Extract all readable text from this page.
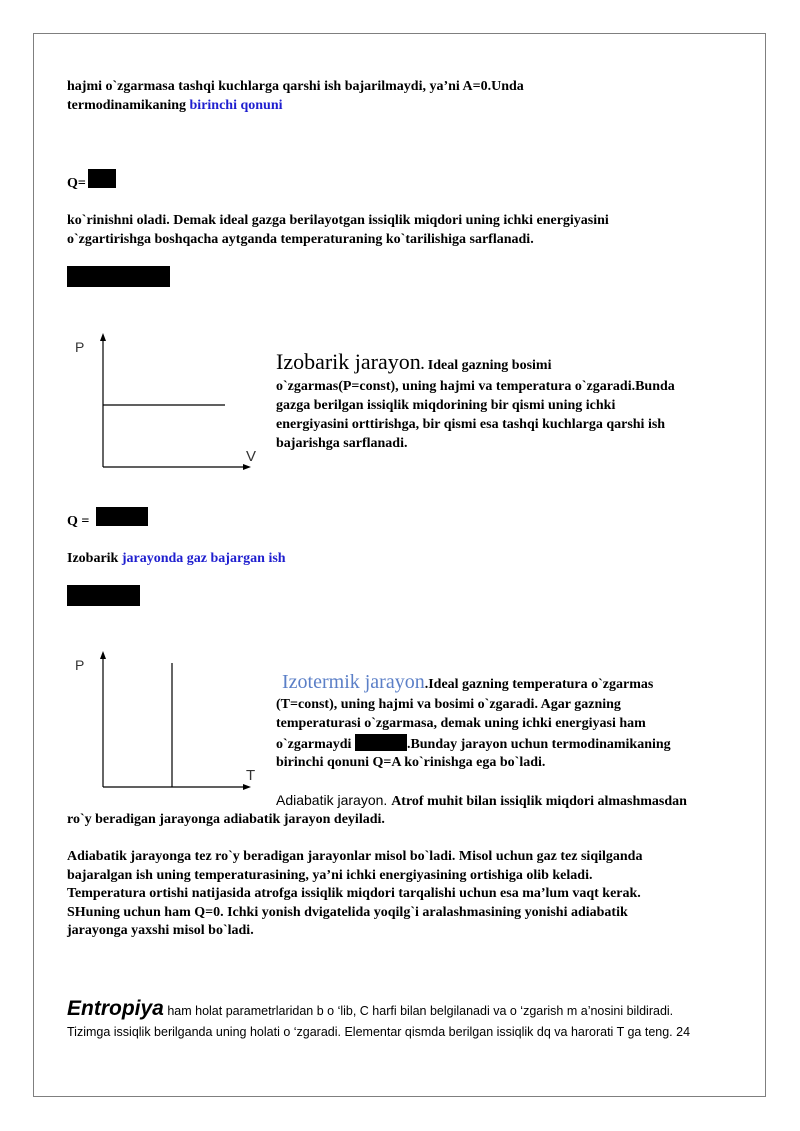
hajmi o`zgarmasa tashqi kuchlarga qarshi ish bajarilmaydi, ya’ni A=0.Unda
termodinamikaning birinchi qonuni
Q=
ko`rinishni oladi. Demak ideal gazga berilayotgan issiqlik miqdori uning ichki energiyasini
o`zgartirishga boshqacha aytganda temperaturaning ko`tarilishiga sarflanadi.
P
V
Izobarik jarayon. Ideal gazning bosimi
o`zgarmas(P=const), uning hajmi va temperatura o`zgaradi.Bunda
gazga berilgan issiqlik miqdorining bir qismi uning ichki
energiyasini orttirishga, bir qismi esa tashqi kuchlarga qarshi ish
bajarishga sarflanadi.
Q =
Izobarik jarayonda gaz bajargan ish
P
T
Izotermik jarayon.Ideal gazning temperatura o`zgarmas
(T=const), uning hajmi va bosimi o`zgaradi. Agar gazning
temperaturasi o`zgarmasa, demak uning ichki energiyasi ham
o`zgarmaydi	.Bunday jarayon uchun termodinamikaning
birinchi qonuni Q=A ko`rinishga ega bo`ladi.
Adiabatik jarayon. Atrof muhit bilan issiqlik miqdori almashmasdan
ro`y beradigan jarayonga adiabatik jarayon deyiladi.
Adiabatik jarayonga tez ro`y beradigan jarayonlar misol bo`ladi. Misol uchun gaz tez siqilganda
bajaralgan ish uning temperaturasining, ya’ni ichki energiyasining ortishiga olib keladi.
Temperatura ortishi natijasida atrofga issiqlik miqdori tarqalishi uchun esa ma’lum vaqt kerak.
SHuning uchun ham Q=0. Ichki yonish dvigatelida yoqilg`i aralashmasining yonishi adiabatik
jarayonga yaxshi misol bo`ladi.
Entropiya ham holat parametrlaridan b o ‘lib, C harfi bilan belgilanadi va o ‘zgarish m a’nosini bildiradi.
Tizimga issiqlik berilganda uning holati o ‘zgaradi. Elementar qismda berilgan issiqlik dq va harorati T ga teng. 24
